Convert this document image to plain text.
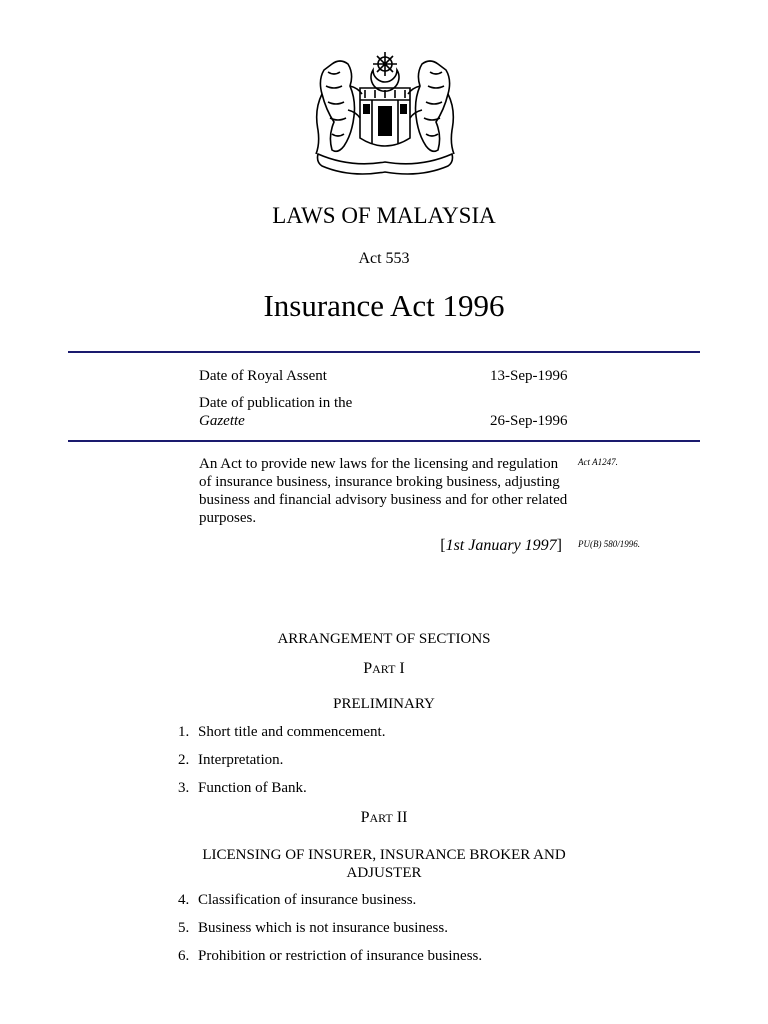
LAWS OF MALAYSIA
Act 553
Insurance Act 1996
Date of Royal Assent	13-Sep-1996
Date of publication in the
Gazette	26-Sep-1996
An Act to provide new laws for the licensing and regulation of insurance business, insurance broking business, adjusting business and financial advisory business and for other related purposes.
Act A1247.
[1st January 1997] PU(B) 580/1996.
ARRANGEMENT OF SECTIONS
PART I
PRELIMINARY
1. Short title and commencement.
2. Interpretation.
3. Function of Bank.
PART II
LICENSING OF INSURER, INSURANCE BROKER AND
ADJUSTER
4. Classification of insurance business.
5. Business which is not insurance business.
6. Prohibition or restriction of insurance business.
